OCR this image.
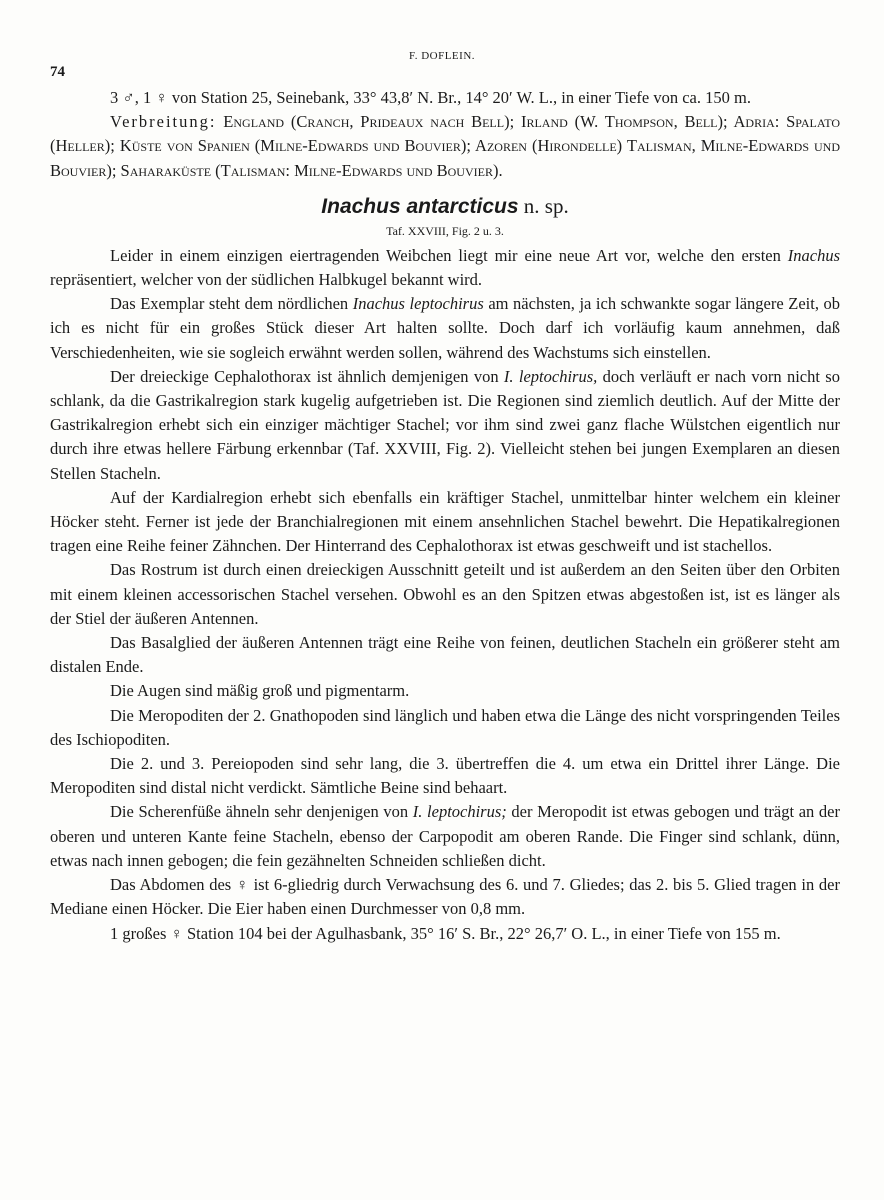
F. DOFLEIN.
74

3 ♂, 1 ♀ von Station 25, Seinebank, 33° 43,8′ N. Br., 14° 20′ W. L., in einer Tiefe von ca. 150 m.

Verbreitung: England (Cranch, Prideaux nach Bell); Irland (W. Thompson, Bell); Adria: Spalato (Heller); Küste von Spanien (Milne-Edwards und Bouvier); Azoren (Hirondelle) Talisman, Milne-Edwards und Bouvier); Saharaküste (Talisman: Milne-Edwards und Bouvier).

Inachus antarcticus n. sp.
Taf. XXVIII, Fig. 2 u. 3.

Leider in einem einzigen eiertragenden Weibchen liegt mir eine neue Art vor, welche den ersten Inachus repräsentiert, welcher von der südlichen Halbkugel bekannt wird.

Das Exemplar steht dem nördlichen Inachus leptochirus am nächsten, ja ich schwankte sogar längere Zeit, ob ich es nicht für ein großes Stück dieser Art halten sollte. Doch darf ich vorläufig kaum annehmen, daß Verschiedenheiten, wie sie sogleich erwähnt werden sollen, während des Wachstums sich einstellen.

Der dreieckige Cephalothorax ist ähnlich demjenigen von I. leptochirus, doch verläuft er nach vorn nicht so schlank, da die Gastrikalregion stark kugelig aufgetrieben ist. Die Regionen sind ziemlich deutlich. Auf der Mitte der Gastrikalregion erhebt sich ein einziger mächtiger Stachel; vor ihm sind zwei ganz flache Wülstchen eigentlich nur durch ihre etwas hellere Färbung erkennbar (Taf. XXVIII, Fig. 2). Vielleicht stehen bei jungen Exemplaren an diesen Stellen Stacheln.

Auf der Kardialregion erhebt sich ebenfalls ein kräftiger Stachel, unmittelbar hinter welchem ein kleiner Höcker steht. Ferner ist jede der Branchialregionen mit einem ansehnlichen Stachel bewehrt. Die Hepatikalregionen tragen eine Reihe feiner Zähnchen. Der Hinterrand des Cephalothorax ist etwas geschweift und ist stachellos.

Das Rostrum ist durch einen dreieckigen Ausschnitt geteilt und ist außerdem an den Seiten über den Orbiten mit einem kleinen accessorischen Stachel versehen. Obwohl es an den Spitzen etwas abgestoßen ist, ist es länger als der Stiel der äußeren Antennen.

Das Basalglied der äußeren Antennen trägt eine Reihe von feinen, deutlichen Stacheln ein größerer steht am distalen Ende.

Die Augen sind mäßig groß und pigmentarm.

Die Meropoditen der 2. Gnathopoden sind länglich und haben etwa die Länge des nicht vorspringenden Teiles des Ischiopoditen.

Die 2. und 3. Pereiopoden sind sehr lang, die 3. übertreffen die 4. um etwa ein Drittel ihrer Länge. Die Meropoditen sind distal nicht verdickt. Sämtliche Beine sind behaart.

Die Scherenfüße ähneln sehr denjenigen von I. leptochirus; der Meropodit ist etwas gebogen und trägt an der oberen und unteren Kante feine Stacheln, ebenso der Carpopodit am oberen Rande. Die Finger sind schlank, dünn, etwas nach innen gebogen; die fein gezähnelten Schneiden schließen dicht.

Das Abdomen des ♀ ist 6-gliedrig durch Verwachsung des 6. und 7. Gliedes; das 2. bis 5. Glied tragen in der Mediane einen Höcker. Die Eier haben einen Durchmesser von 0,8 mm.

1 großes ♀ Station 104 bei der Agulhasbank, 35° 16′ S. Br., 22° 26,7′ O. L., in einer Tiefe von 155 m.
